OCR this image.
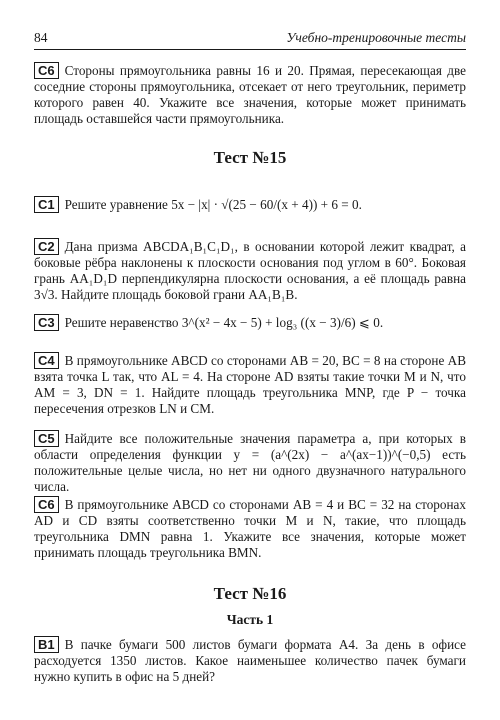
84	Учебно-тренировочные тесты
C6 Стороны прямоугольника равны 16 и 20. Прямая, пересекающая две соседние стороны прямоугольника, отсекает от него треугольник, периметр которого равен 40. Укажите все значения, которые может принимать площадь оставшейся части прямоугольника.
Тест №15
C1 Решите уравнение 5x − |x| · √(25 − 60/(x + 4)) + 6 = 0.
C2 Дана призма ABCDA₁B₁C₁D₁, в основании которой лежит квадрат, а боковые рёбра наклонены к плоскости основания под углом в 60°. Боковая грань AA₁D₁D перпендикулярна плоскости основания, а её площадь равна 3√3. Найдите площадь боковой грани AA₁B₁B.
C3 Решите неравенство 3^(x² − 4x − 5) + log₃ ((x − 3)/6) ⩽ 0.
C4 В прямоугольнике ABCD со сторонами AB = 20, BC = 8 на стороне AB взята точка L так, что AL = 4. На стороне AD взяты такие точки M и N, что AM = 3, DN = 1. Найдите площадь треугольника MNP, где P − точка пересечения отрезков LN и CM.
C5 Найдите все положительные значения параметра a, при которых в области определения функции y = (a^(2x) − a^(ax−1))^(−0,5) есть положительные целые числа, но нет ни одного двузначного натурального числа.
C6 В прямоугольнике ABCD со сторонами AB = 4 и BC = 32 на сторонах AD и CD взяты соответственно точки M и N, такие, что площадь треугольника DMN равна 1. Укажите все значения, которые может принимать площадь треугольника BMN.
Тест №16
Часть 1
B1 В пачке бумаги 500 листов бумаги формата А4. За день в офисе расходуется 1350 листов. Какое наименьшее количество пачек бумаги нужно купить в офис на 5 дней?
